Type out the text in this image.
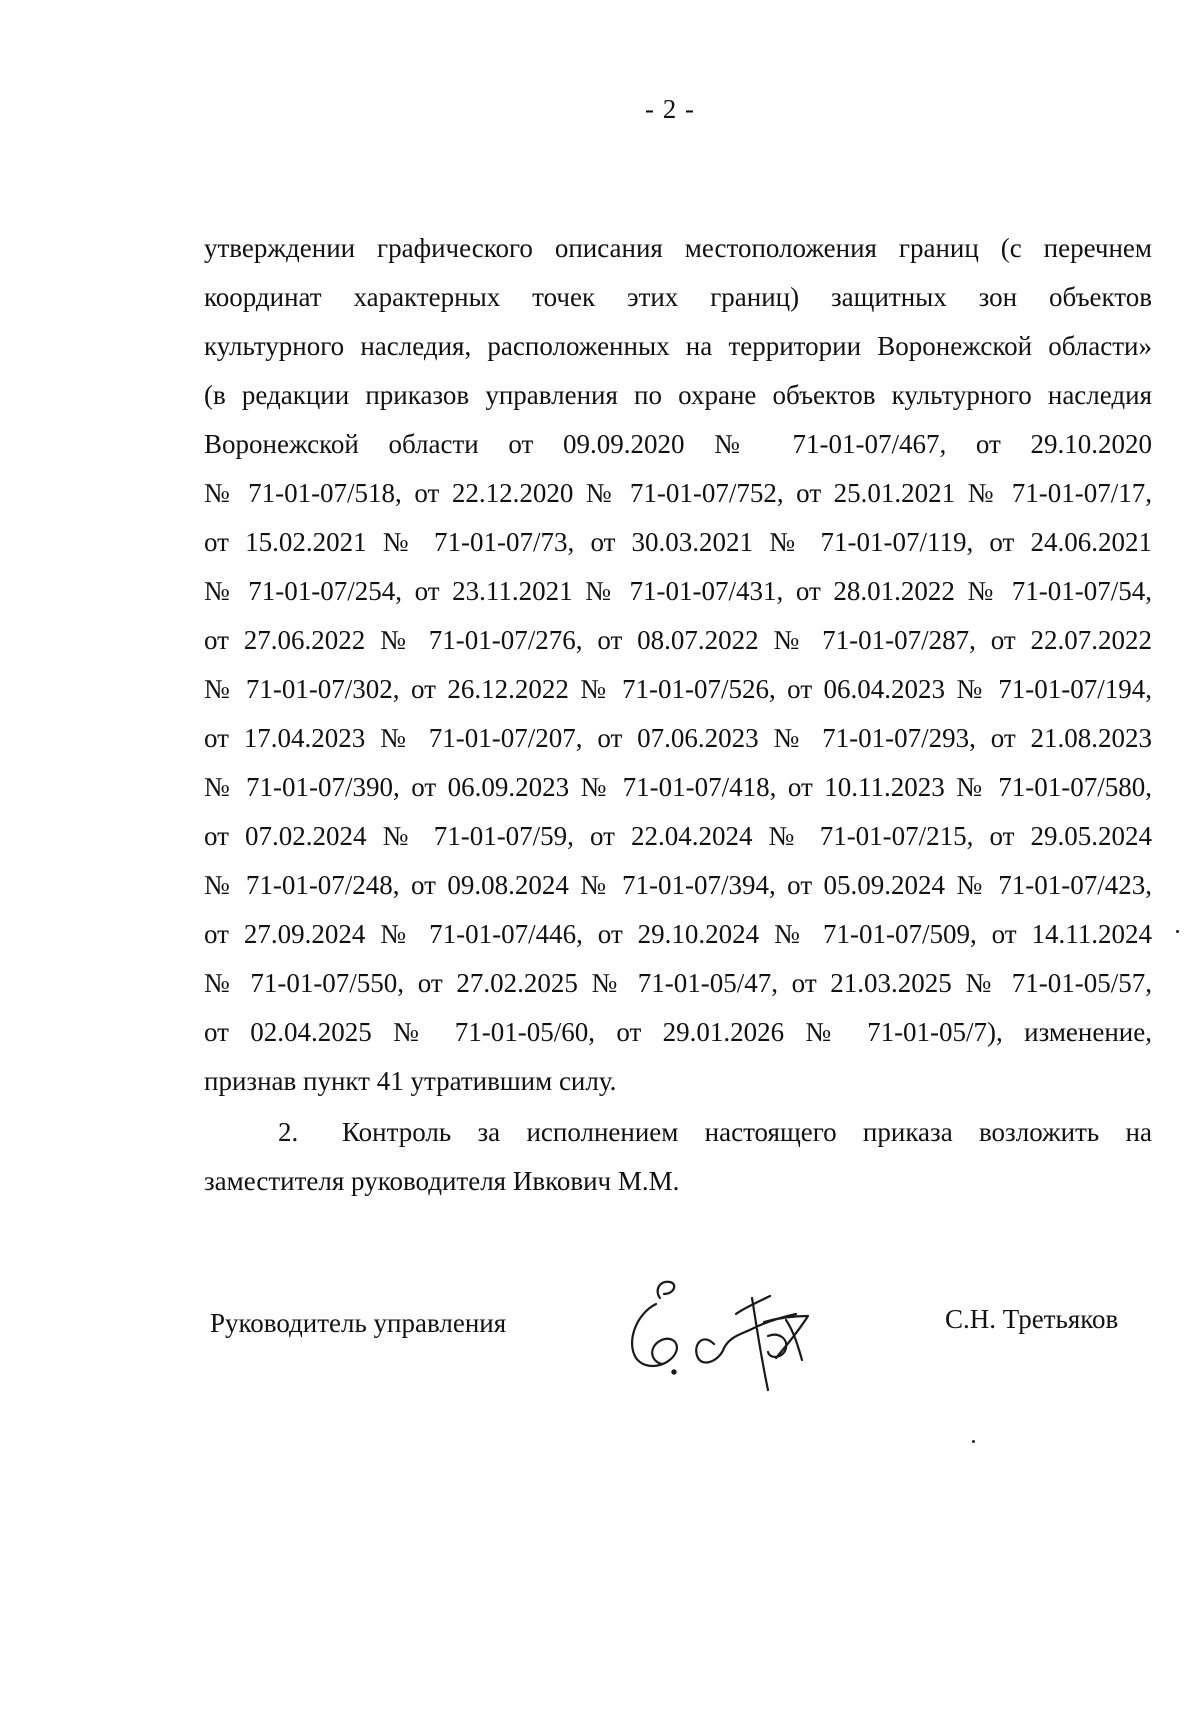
- 2 -
утверждении графического описания местоположения границ (с перечнем
координат характерных точек этих границ) защитных зон объектов
культурного наследия, расположенных на территории Воронежской области»
(в редакции приказов управления по охране объектов культурного наследия
Воронежской области от 09.09.2020 № 71-01-07/467, от 29.10.2020
№ 71-01-07/518, от 22.12.2020 № 71-01-07/752, от 25.01.2021 № 71-01-07/17,
от 15.02.2021 № 71-01-07/73, от 30.03.2021 № 71-01-07/119, от 24.06.2021
№ 71-01-07/254, от 23.11.2021 № 71-01-07/431, от 28.01.2022 № 71-01-07/54,
от 27.06.2022 № 71-01-07/276, от 08.07.2022 № 71-01-07/287, от 22.07.2022
№ 71-01-07/302, от 26.12.2022 № 71-01-07/526, от 06.04.2023 № 71-01-07/194,
от 17.04.2023 № 71-01-07/207, от 07.06.2023 № 71-01-07/293, от 21.08.2023
№ 71-01-07/390, от 06.09.2023 № 71-01-07/418, от 10.11.2023 № 71-01-07/580,
от 07.02.2024 № 71-01-07/59, от 22.04.2024 № 71-01-07/215, от 29.05.2024
№ 71-01-07/248, от 09.08.2024 № 71-01-07/394, от 05.09.2024 № 71-01-07/423,
от 27.09.2024 № 71-01-07/446, от 29.10.2024 № 71-01-07/509, от 14.11.2024
№ 71-01-07/550, от 27.02.2025 № 71-01-05/47, от 21.03.2025 № 71-01-05/57,
от 02.04.2025 № 71-01-05/60, от 29.01.2026 № 71-01-05/7), изменение,
признав пункт 41 утратившим силу.
2. Контроль за исполнением настоящего приказа возложить на
заместителя руководителя Ивкович М.М.
Руководитель управления	С.Н. Третьяков
